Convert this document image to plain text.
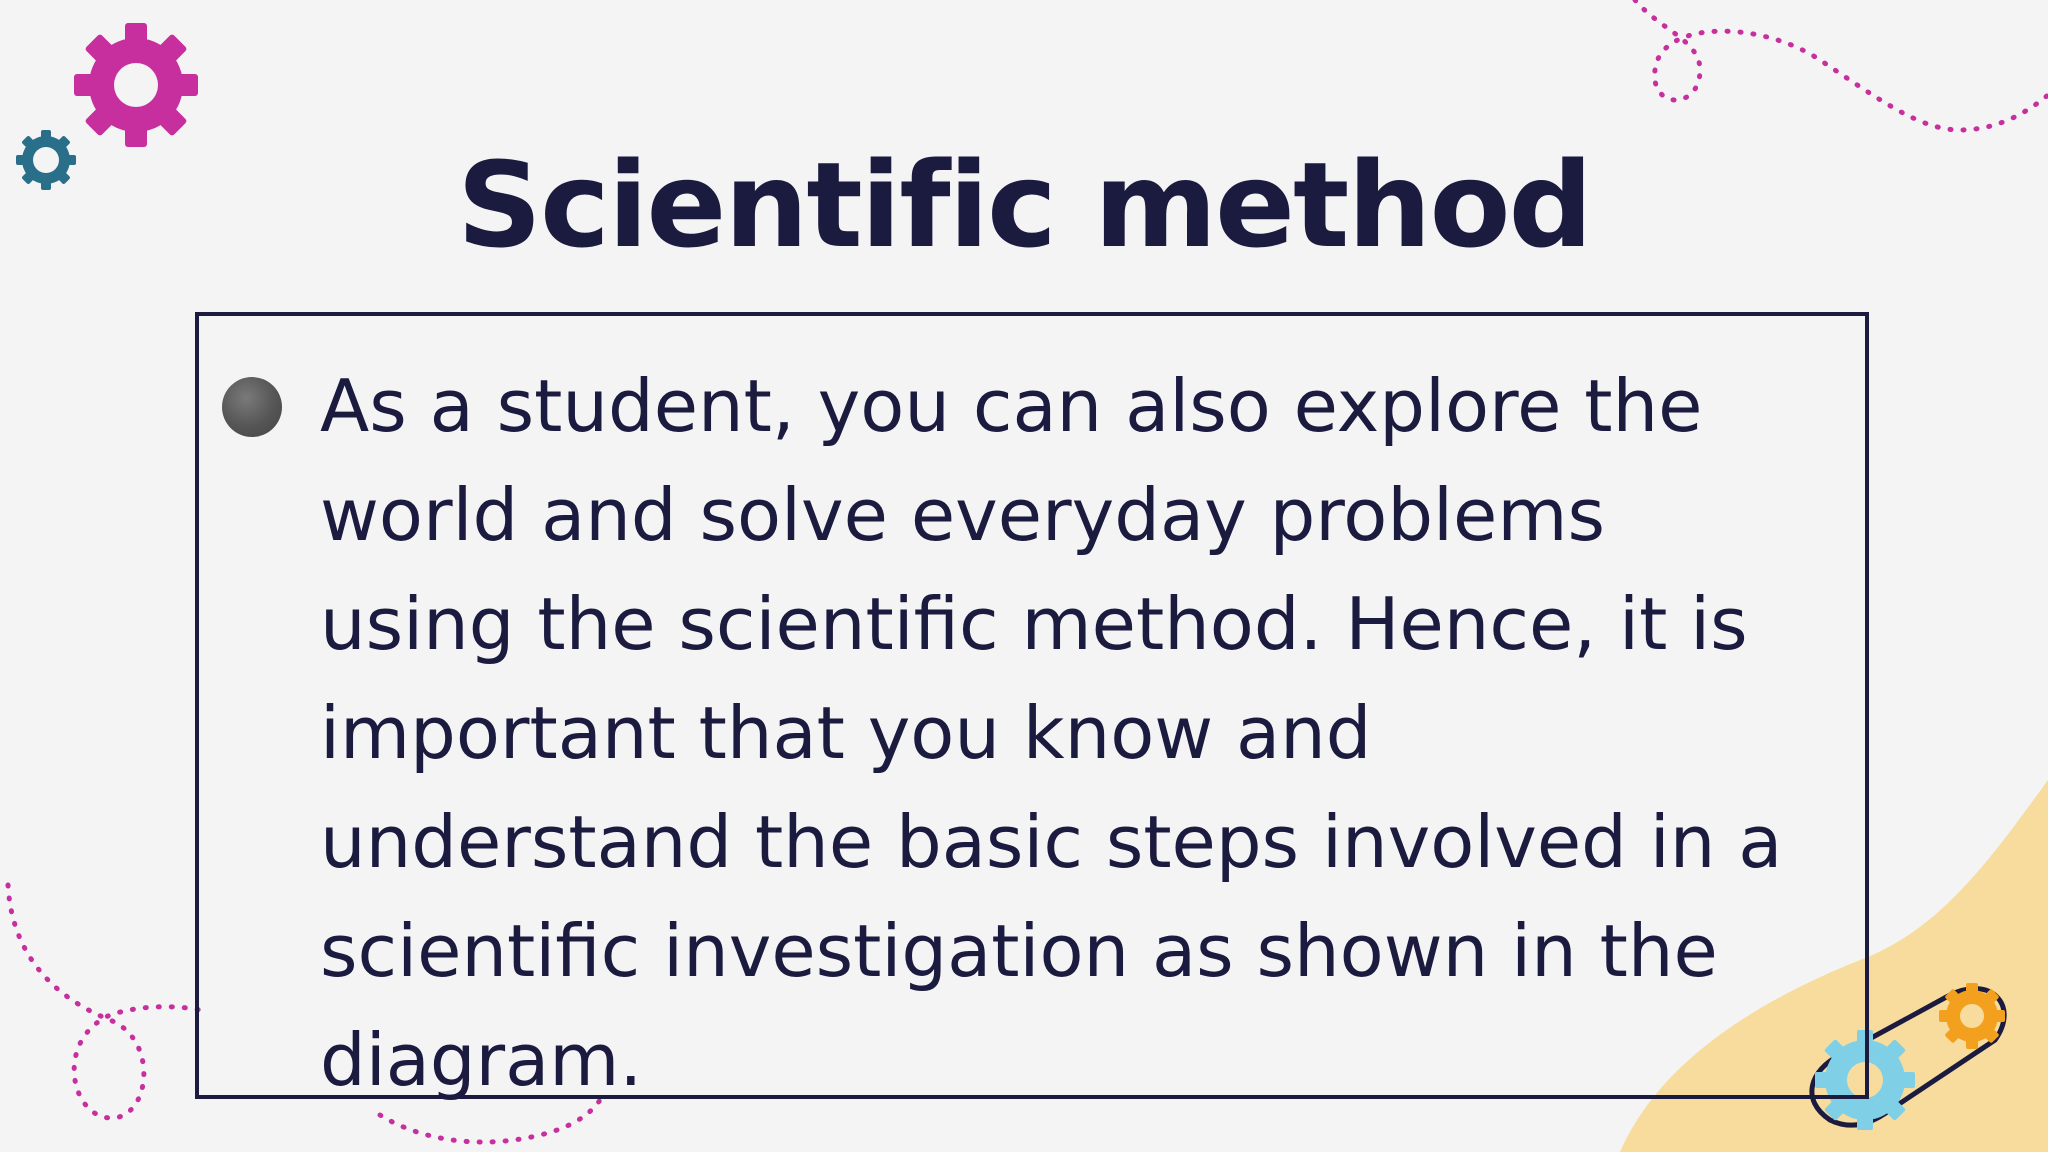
Scientific method

As a student, you can also explore the
world and solve everyday problems
using the scientific method. Hence, it is
important that you know and
understand the basic steps involved in a
scientific investigation as shown in the
diagram.
